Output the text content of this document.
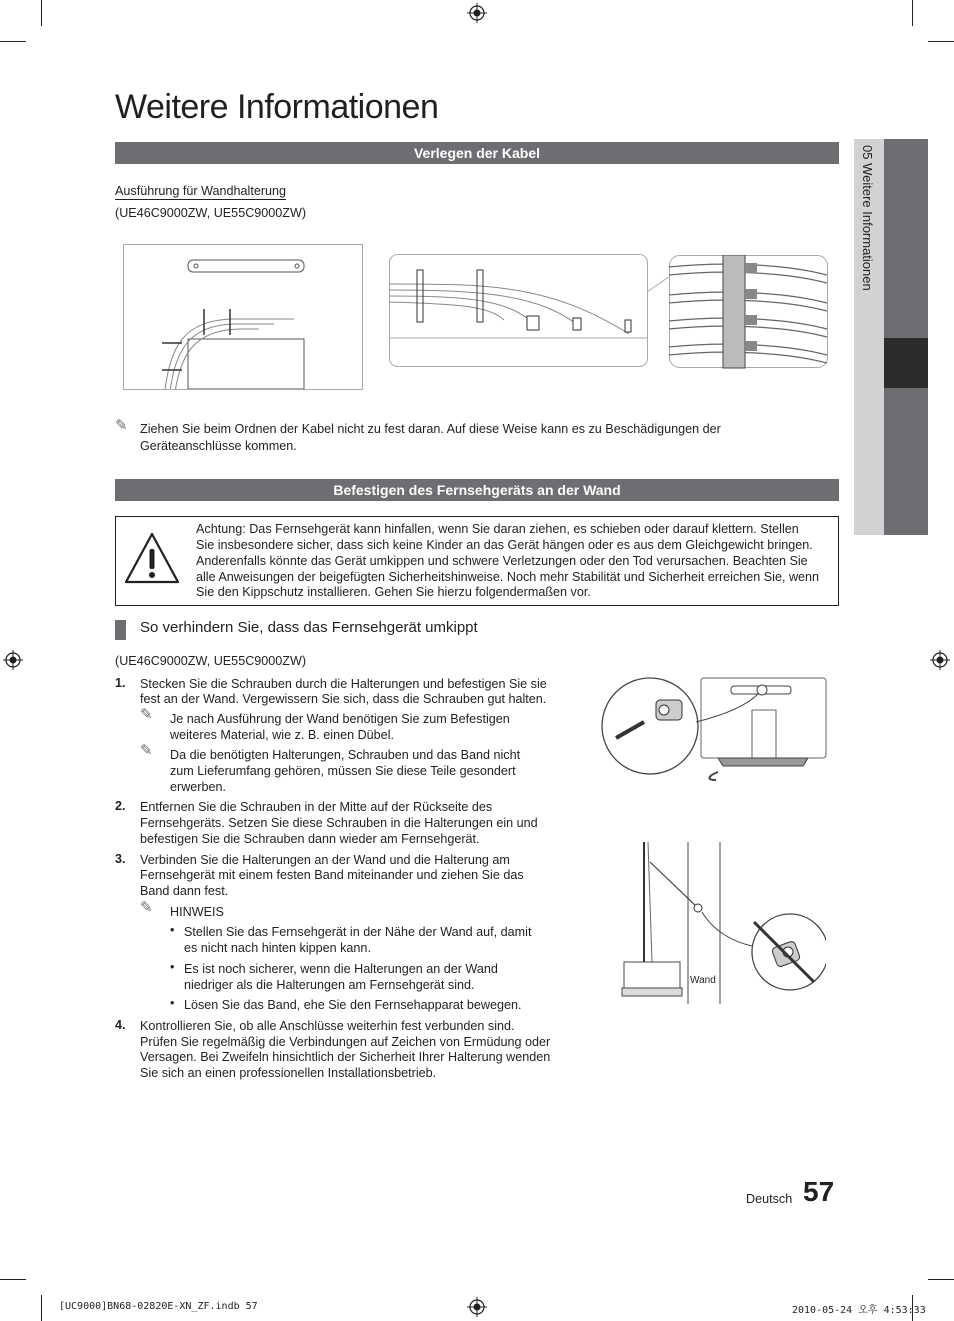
Weitere Informationen
05 Weitere Informationen
Verlegen der Kabel
Ausführung für Wandhalterung
(UE46C9000ZW, UE55C9000ZW)
✎ Ziehen Sie beim Ordnen der Kabel nicht zu fest daran. Auf diese Weise kann es zu Beschädigungen der
Geräteanschlüsse kommen.
Befestigen des Fernsehgeräts an der Wand
Achtung: Das Fernsehgerät kann hinfallen, wenn Sie daran ziehen, es schieben oder darauf klettern. Stellen
Sie insbesondere sicher, dass sich keine Kinder an das Gerät hängen oder es aus dem Gleichgewicht bringen.
Anderenfalls könnte das Gerät umkippen und schwere Verletzungen oder den Tod verursachen. Beachten Sie
alle Anweisungen der beigefügten Sicherheitshinweise. Noch mehr Stabilität und Sicherheit erreichen Sie, wenn
Sie den Kippschutz installieren. Gehen Sie hierzu folgendermaßen vor.
So verhindern Sie, dass das Fernsehgerät umkippt
(UE46C9000ZW, UE55C9000ZW)
1. Stecken Sie die Schrauben durch die Halterungen und befestigen Sie sie
fest an der Wand. Vergewissern Sie sich, dass die Schrauben gut halten.
✎ Je nach Ausführung der Wand benötigen Sie zum Befestigen
weiteres Material, wie z. B. einen Dübel.
✎ Da die benötigten Halterungen, Schrauben und das Band nicht
zum Lieferumfang gehören, müssen Sie diese Teile gesondert
erwerben.
2. Entfernen Sie die Schrauben in der Mitte auf der Rückseite des
Fernsehgeräts. Setzen Sie diese Schrauben in die Halterungen ein und
befestigen Sie die Schrauben dann wieder am Fernsehgerät.
3. Verbinden Sie die Halterungen an der Wand und die Halterung am
Fernsehgerät mit einem festen Band miteinander und ziehen Sie das
Band dann fest.
✎ HINWEIS
• Stellen Sie das Fernsehgerät in der Nähe der Wand auf, damit
es nicht nach hinten kippen kann.
• Es ist noch sicherer, wenn die Halterungen an der Wand
niedriger als die Halterungen am Fernsehgerät sind.
• Lösen Sie das Band, ehe Sie den Fernsehapparat bewegen.
4. Kontrollieren Sie, ob alle Anschlüsse weiterhin fest verbunden sind.
Prüfen Sie regelmäßig die Verbindungen auf Zeichen von Ermüdung oder
Versagen. Bei Zweifeln hinsichtlich der Sicherheit Ihrer Halterung wenden
Sie sich an einen professionellen Installationsbetrieb.
Wand
Deutsch 57
[UC9000]BN68-02820E-XN_ZF.indb 57	2010-05-24 오후 4:53:33
